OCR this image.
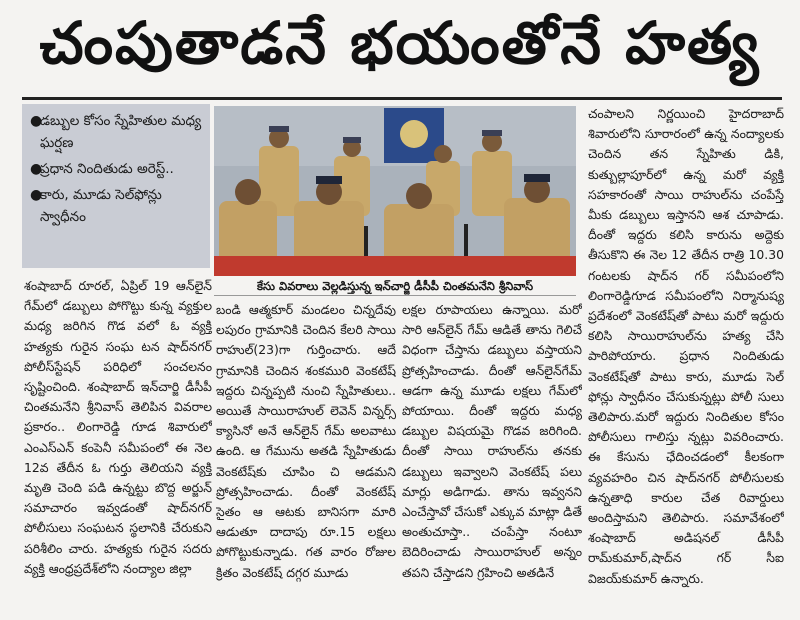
చంపుతాడనే భయంతోనే హత్య
●
డబ్బుల కోసం స్నేహితుల మధ్య ఘర్షణ
●
ప్రధాన నిందితుడు అరెస్ట్..
●
కారు, మూడు సెల్‌ఫోన్లు స్వాధీనం
కేసు వివరాలు వెల్లడిస్తున్న ఇన్‌చార్జి డీసీపీ చింతమనేని శ్రీనివాస్

శంషాబాద్ రూరల్, ఏప్రిల్ 19 ఆన్‌లైన్ గేమ్‌లో డబ్బులు పోగొట్టు కున్న వ్యక్తుల మధ్య జరిగిన గొడ వలో ఓ వ్యక్తి హత్యకు గురైన సంఘ టన షాద్‌నగర్ పోలీస్‌స్టేషన్ పరిధిలో సంచలనం సృష్టించింది. శంషాబాద్ ఇన్‌చార్జి డీసీపీ చింతమనేని శ్రీనివాస్ తెలిపిన వివరాల ప్రకారం.. లింగారెడ్డి గూడ శివారులో ఎంఎస్ఎన్ కంపెనీ సమీపంలో ఈ నెల 12వ తేదీన ఓ గుర్తు తెలియని వ్యక్తి మృతి చెంది పడి ఉన్నట్టు బొద్ద అర్జున్ సమాచారం ఇవ్వడంతో షాద్‌నగర్ పోలీసులు సంఘటన స్థలానికి చేరుకుని పరిశీలిం చారు. హత్యకు గురైన సదరు వ్యక్తి ఆంధ్రప్రదేశ్‌లోని నంద్యాల జిల్లా

బండి ఆత్మకూర్ మండలం చిన్నదేవు లపురం గ్రామానికి చెందిన కేలరి సాయి రాహుల్(23)గా గుర్తించారు. ఆదే గ్రామానికి చెందిన శంకమురి వెంకటేష్ ఇద్దరు చిన్నప్పటి నుంచి స్నేహితులు.. అయితే సాయిరాహుల్ లెవెన్ విన్నర్స్ క్యాసినో అనే ఆన్‌లైన్ గేమ్ అలవాటు ఉంది. ఆ గేమును అతడి స్నేహితుడు వెంకటేష్‌కు చూపిం చి ఆడమని ప్రోత్సహించాడు. దీంతో వెంకటేష్ సైతం ఆ ఆటకు బానిసగా మారి ఆడుతూ దాదాపు రూ.15 లక్షలు పోగొట్టుకున్నాడు. గత వారం రోజుల క్రితం వెంకటేష్ దగ్గర మూడు

లక్షల రూపాయలు ఉన్నాయి. మరో సారి ఆన్‌లైన్ గేమ్ ఆడితే తాను గెలిచే విధంగా చేస్తాను డబ్బులు వస్తాయని ప్రోత్సహించాడు. దీంతో ఆన్‌లైన్‌గేమ్ ఆడగా ఉన్న మూడు లక్షలు గేమ్‌లో పోయాయి. దీంతో ఇద్దరు మధ్య డబ్బుల విషయమై గొడవ జరిగింది. దీంతో సాయి రాహుల్‌ను తనకు డబ్బులు ఇవ్వాలని వెంకటేష్ పలు మార్లు అడిగాడు. తాను ఇవ్వనని ఎంచేస్తావో చేసుకో ఎక్కువ మాట్లా డితే అంతుచూస్తా.. చంపేస్తా నంటూ బెదిరించాడు సాయిరాహుల్ అన్నం తపని చేస్తాడని గ్రహించి అతడినే

చంపాలని నిర్ణయించి హైదరాబాద్ శివారులోని సూరారంలో ఉన్న నంద్యాలకు చెందిన తన స్నేహితు డికి, కుత్బుల్లాపూర్‌లో ఉన్న మరో వ్యక్తి సహకారంతో సాయి రాహుల్‌ను చంపేస్తే మీకు డబ్బులు ఇస్తానని ఆశ చూపాడు. దీంతో ఇద్దరు కలిసి కారును అద్దెకు తీసుకొని ఈ నెల 12 తేదీన రాత్రి 10.30 గంటలకు షాద్‌న గర్ సమీపంలోని లింగారెడ్డిగూడ సమీపంలోని నిర్మానుష్య ప్రదేశంలో వెంకటేష్‌తో పాటు మరో ఇద్దురు కలిసి సాయిరాహుల్‌ను హత్య చేసి పారిపోయారు. ప్రధాన నిందితుడు వెంకటేష్‌తో పాటు కారు, మూడు సెల్ ఫోన్లు స్వాధీనం చేసుకున్నట్లు పోలీ సులు తెలిపారు.మరో ఇద్దురు నిందితుల కోసం పోలీసులు గాలిస్తు న్నట్లు వివరించారు. ఈ కేసును ఛేదించడంలో కీలకంగా వ్యవహరిం చిన షాద్‌నగర్ పోలీసులకు ఉన్నతాధి కారుల చేత రివార్డులు అందిస్తామని తెలిపారు. సమావేశంలో శంషాబాద్ అడిషనల్ డీసీపీ రామ్‌కుమార్,షాద్‌న గర్ సీఐ విజయ్‌కుమార్ ఉన్నారు.
